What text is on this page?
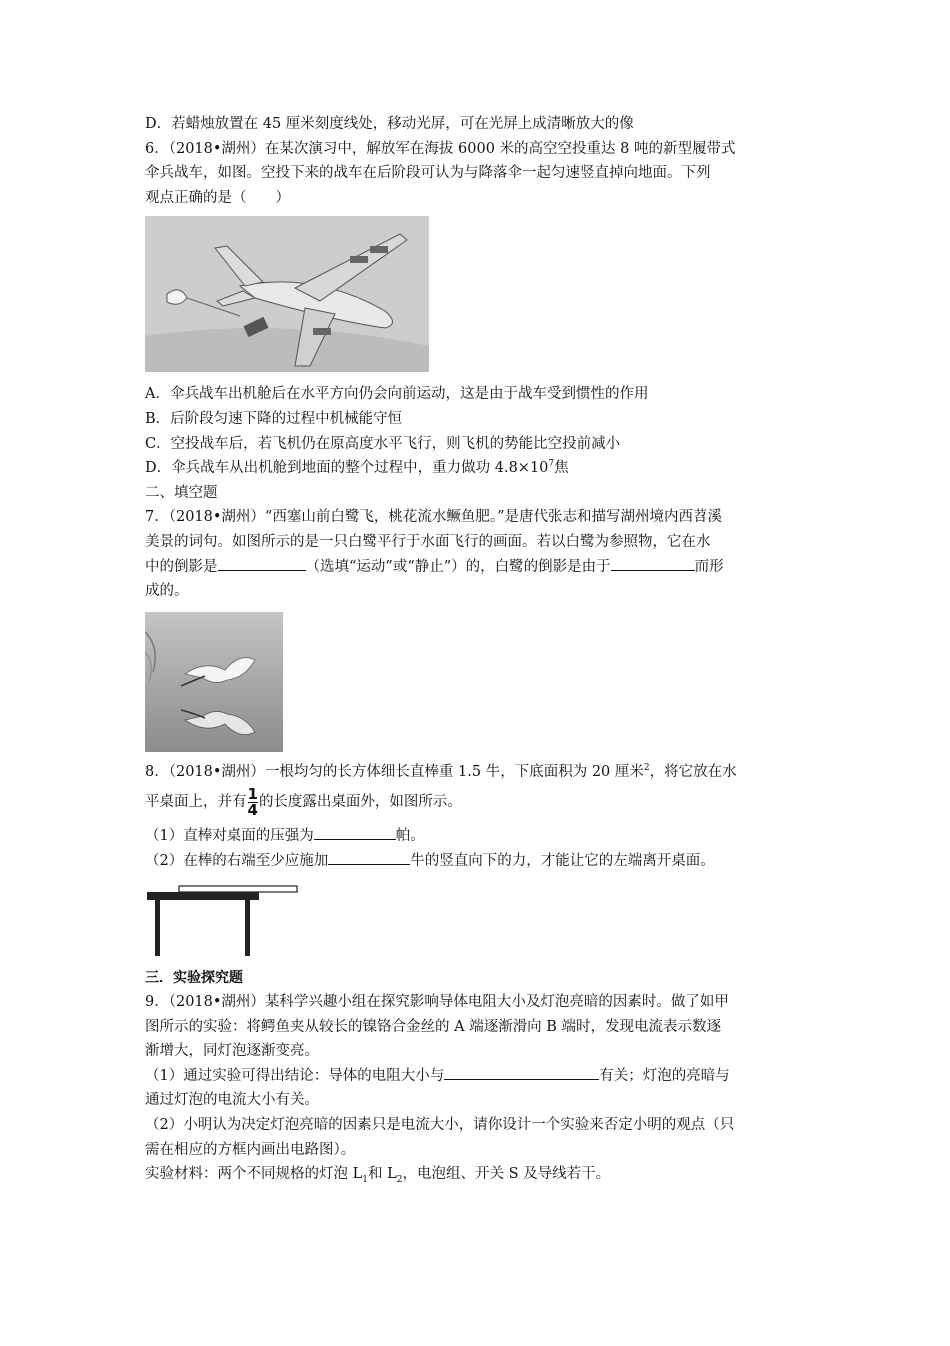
D．若蜡烛放置在 45 厘米刻度线处，移动光屏，可在光屏上成清晰放大的像

6．（2018•湖州）在某次演习中，解放军在海拔 6000 米的高空空投重达 8 吨的新型履带式

伞兵战车，如图。空投下来的战车在后阶段可认为与降落伞一起匀速竖直掉向地面。下列

观点正确的是（　　）

A．伞兵战车出机舱后在水平方向仍会向前运动，这是由于战车受到惯性的作用

B．后阶段匀速下降的过程中机械能守恒

C．空投战车后，若飞机仍在原高度水平飞行，则飞机的势能比空投前减小

D．伞兵战车从出机舱到地面的整个过程中，重力做功 $4.8\times 10^7$焦

二、填空题

7．（2018•湖州）“西塞山前白鹭飞，桃花流水鳜鱼肥。”是唐代张志和描写湖州境内西苕溪

美景的词句。如图所示的是一只白鹭平行于水面飞行的画面。若以白鹭为参照物，它在水

中的倒影是	（选填“运动”或“静止”）的，白鹭的倒影是由于	而形

成的。

8．（2018•湖州）一根均匀的长方体细长直棒重 1.5 牛，下底面积为 20 厘米$^2$，将它放在水

平桌面上，并有 $\frac{1}{4}$ 的长度露出桌面外，如图所示。

（1）直棒对桌面的压强为	帕。

（2）在棒的右端至少应施加	牛的竖直向下的力，才能让它的左端离开桌面。

三．实验探究题

9．（2018•湖州）某科学兴趣小组在探究影响导体电阻大小及灯泡亮暗的因素时。做了如甲

图所示的实验：将鳄鱼夹从较长的镍铬合金丝的 A 端逐渐滑向 B 端时，发现电流表示数逐

渐增大，同灯泡逐渐变亮。

（1）通过实验可得出结论：导体的电阻大小与	有关；灯泡的亮暗与

通过灯泡的电流大小有关。

（2）小明认为决定灯泡亮暗的因素只是电流大小，请你设计一个实验来否定小明的观点（只

需在相应的方框内画出电路图）。

实验材料：两个不同规格的灯泡 $L_1$和 $L_2$，电泡组、开关 S 及导线若干。
